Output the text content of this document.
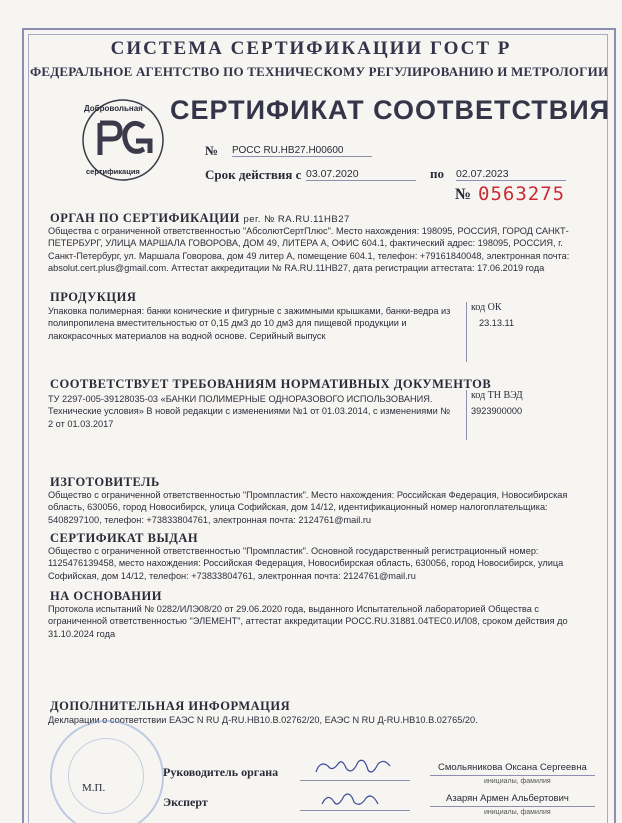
СИСТЕМА СЕРТИФИКАЦИИ ГОСТ Р
ФЕДЕРАЛЬНОЕ АГЕНТСТВО ПО ТЕХНИЧЕСКОМУ РЕГУЛИРОВАНИЮ И МЕТРОЛОГИИ
Добровольная
сертификация
СЕРТИФИКАТ СООТВЕТСТВИЯ
№ РОСС RU.НВ27.Н00600
Срок действия с 03.07.2020	по 02.07.2023
№ 0563275
ОРГАН ПО СЕРТИФИКАЦИИ рег. № RA.RU.11НВ27
Общества с ограниченной ответственностью "АбсолютСертПлюс". Место нахождения: 198095, РОССИЯ, ГОРОД САНКТ-
ПЕТЕРБУРГ, УЛИЦА МАРШАЛА ГОВОРОВА, ДОМ 49, ЛИТЕРА А, ОФИС 604.1, фактический адрес: 198095, РОССИЯ, г.
Санкт-Петербург, ул. Маршала Говорова, дом 49 литер А, помещение 604.1, телефон: +79161840048, электронная почта:
absolut.cert.plus@gmail.com. Аттестат аккредитации № RA.RU.11НВ27, дата регистрации аттестата: 17.06.2019 года
ПРОДУКЦИЯ
Упаковка полимерная: банки конические и фигурные с зажимными крышками, банки-ведра из
полипропилена вместительностью от 0,15 дм3 до 10 дм3 для пищевой продукции и
лакокрасочных материалов на водной основе. Серийный выпуск
код ОК
23.13.11
СООТВЕТСТВУЕТ ТРЕБОВАНИЯМ НОРМАТИВНЫХ ДОКУМЕНТОВ
ТУ 2297-005-39128035-03 «БАНКИ ПОЛИМЕРНЫЕ ОДНОРАЗОВОГО ИСПОЛЬЗОВАНИЯ.
Технические условия» В новой редакции с изменениями №1 от 01.03.2014, с изменениями №
2 от 01.03.2017
код ТН ВЭД
3923900000
ИЗГОТОВИТЕЛЬ
Общество с ограниченной ответственностью "Промпластик". Место нахождения: Российская Федерация, Новосибирская
область, 630056, город Новосибирск, улица Софийская, дом 14/12, идентификационный номер налогоплательщика:
5408297100, телефон: +73833804761, электронная почта: 2124761@mail.ru
СЕРТИФИКАТ ВЫДАН
Общество с ограниченной ответственностью "Промпластик". Основной государственный регистрационный номер:
1125476139458, место нахождения: Российская Федерация, Новосибирская область, 630056, город Новосибирск, улица
Софийская, дом 14/12, телефон: +73833804761, электронная почта: 2124761@mail.ru
НА ОСНОВАНИИ
Протокола испытаний № 0282/ИЛЭ08/20 от 29.06.2020 года, выданного Испытательной лабораторией Общества с
ограниченной ответственностью "ЭЛЕМЕНТ", аттестат аккредитации РОСС.RU.31881.04ТЕС0.ИЛ08, сроком действия до
31.10.2024 года
ДОПОЛНИТЕЛЬНАЯ ИНФОРМАЦИЯ
Декларации о соответствии ЕАЭС N RU Д-RU.НВ10.В.02762/20, ЕАЭС N RU Д-RU.НВ10.В.02765/20.
М.П.
Руководитель органа	Смольяникова Оксана Сергеевна
инициалы, фамилия
Эксперт	Азарян Армен Альбертович
инициалы, фамилия
